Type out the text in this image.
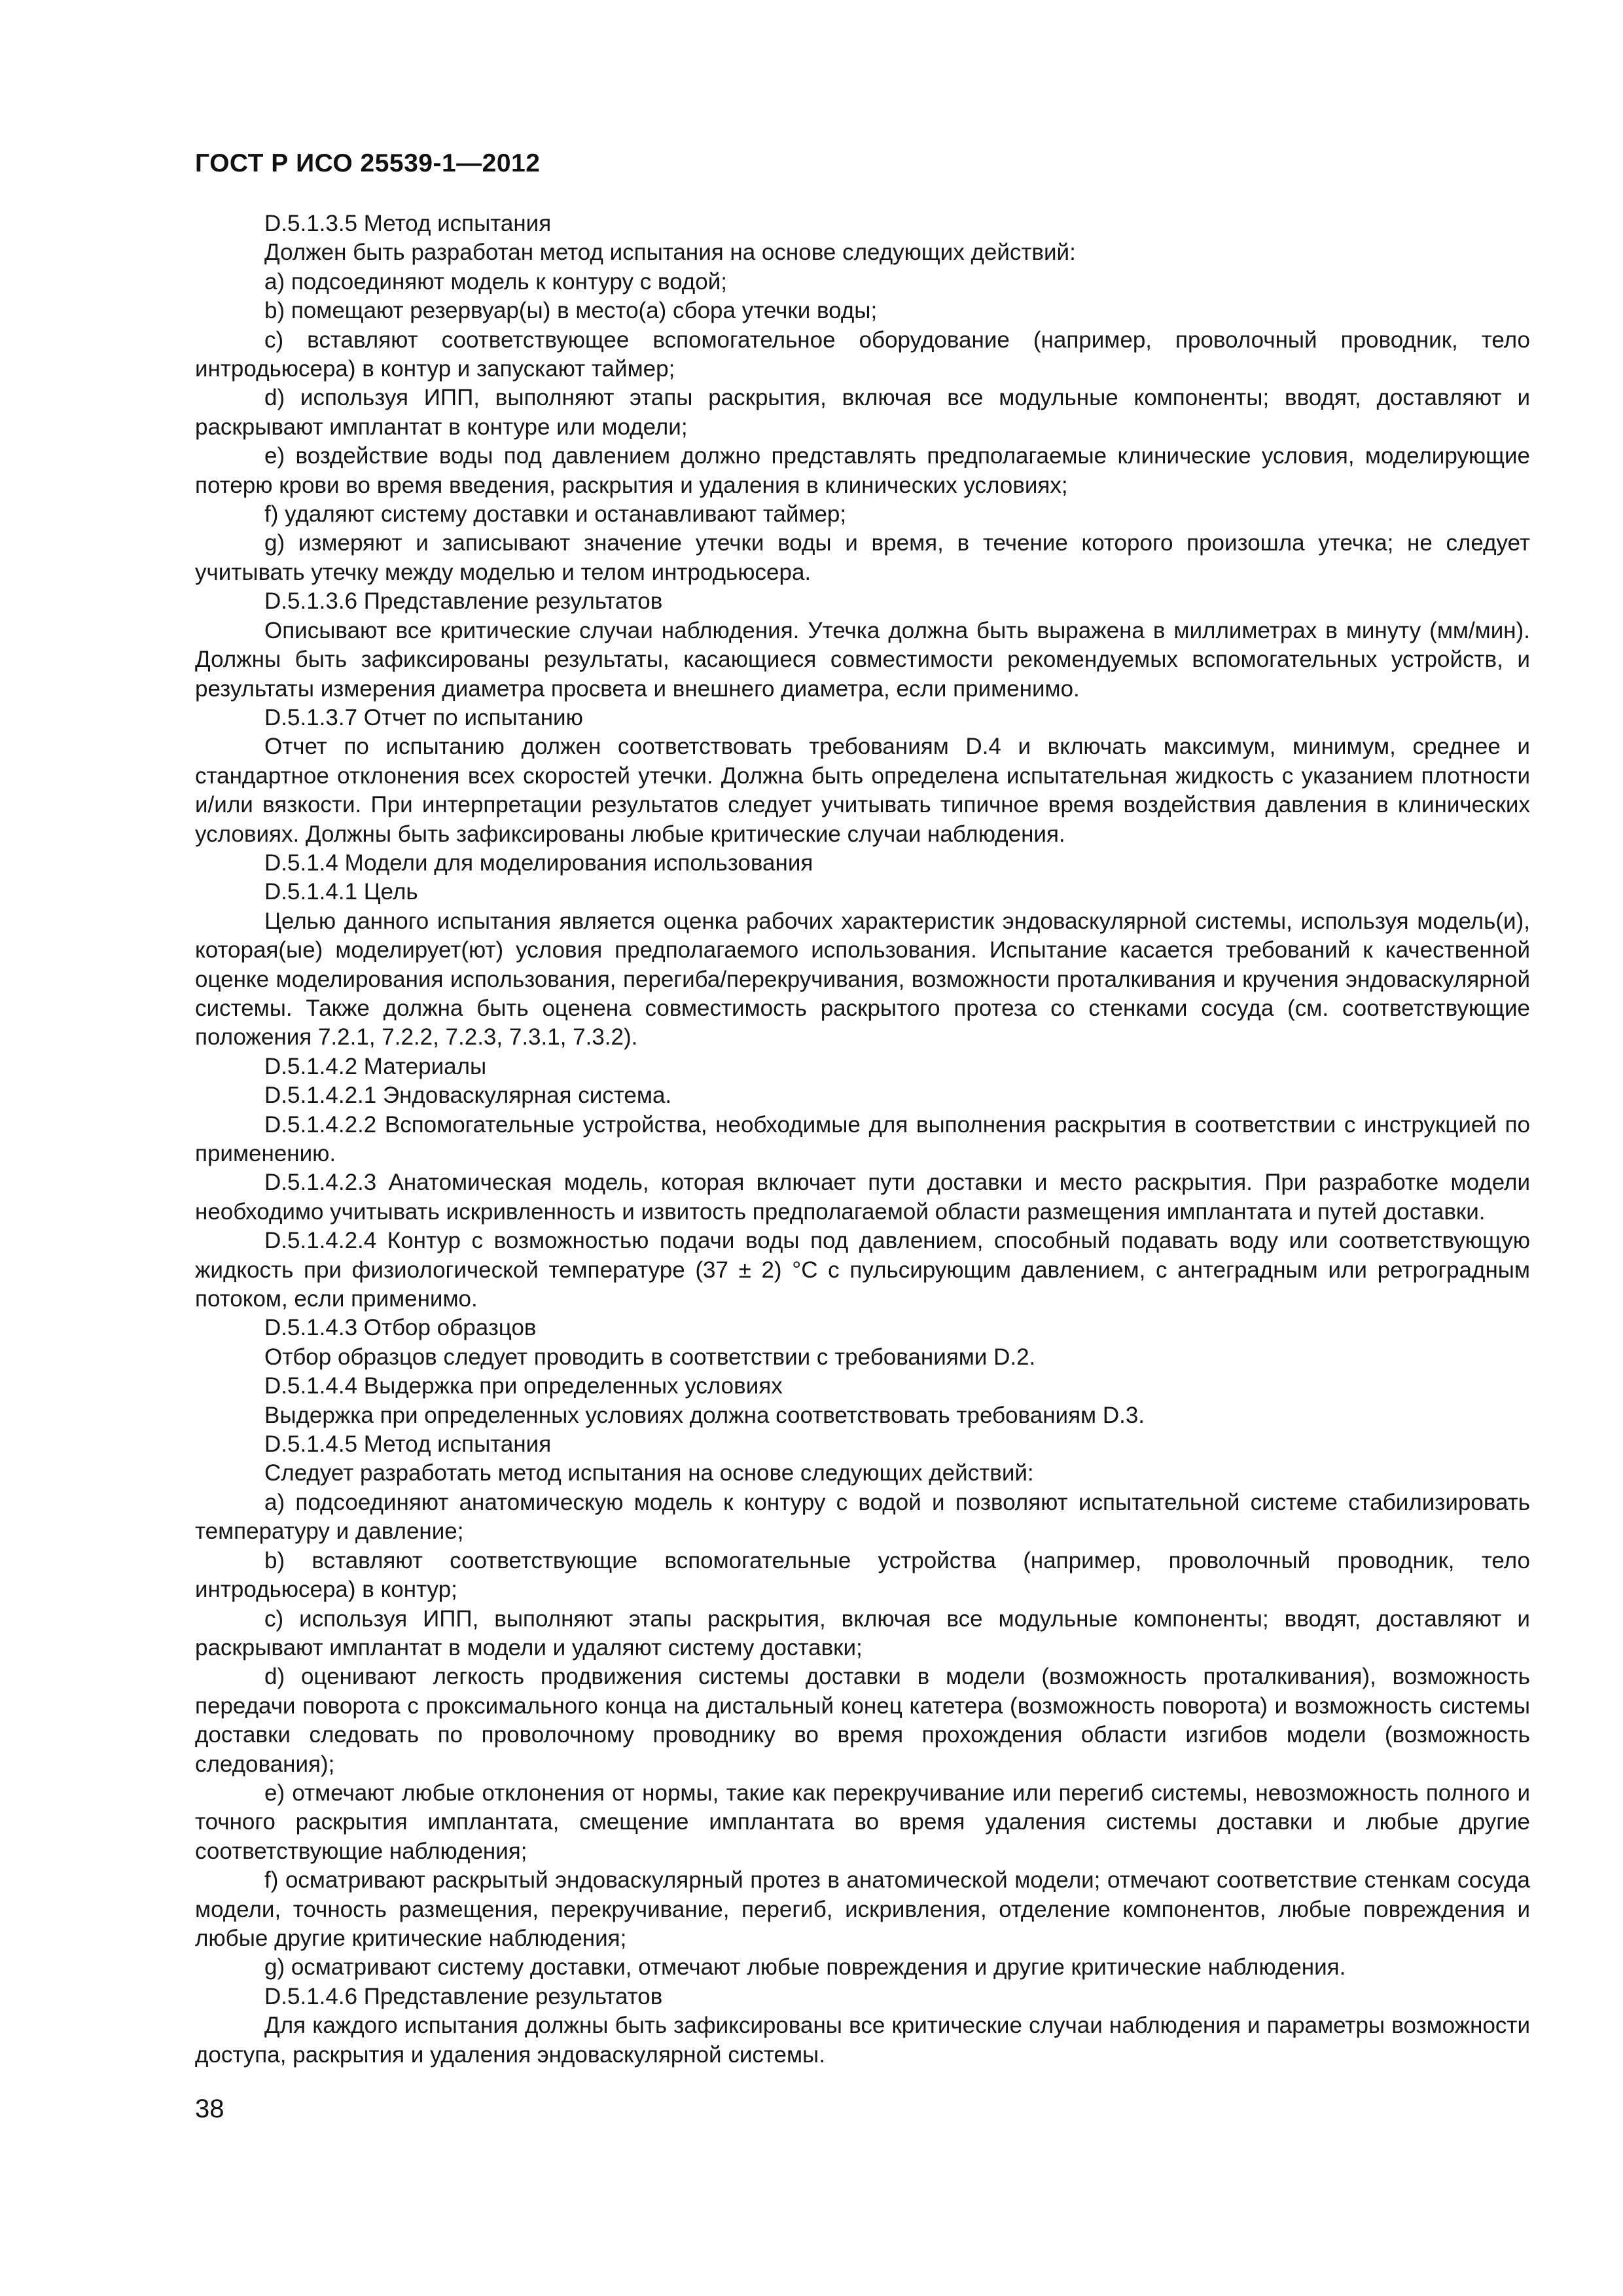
ГОСТ Р ИСО 25539-1—2012

D.5.1.3.5 Метод испытания

Должен быть разработан метод испытания на основе следующих действий:

а) подсоединяют модель к контуру с водой;

b) помещают резервуар(ы) в место(а) сбора утечки воды;

с) вставляют соответствующее вспомогательное оборудование (например, проволочный проводник, тело интродьюсера) в контур и запускают таймер;

d) используя ИПП, выполняют этапы раскрытия, включая все модульные компоненты; вводят, доставляют и раскрывают имплантат в контуре или модели;

е) воздействие воды под давлением должно представлять предполагаемые клинические условия, моделирующие потерю крови во время введения, раскрытия и удаления в клинических условиях;

f) удаляют систему доставки и останавливают таймер;

g) измеряют и записывают значение утечки воды и время, в течение которого произошла утечка; не следует учитывать утечку между моделью и телом интродьюсера.

D.5.1.3.6 Представление результатов

Описывают все критические случаи наблюдения. Утечка должна быть выражена в миллиметрах в минуту (мм/мин). Должны быть зафиксированы результаты, касающиеся совместимости рекомендуемых вспомогательных устройств, и результаты измерения диаметра просвета и внешнего диаметра, если применимо.

D.5.1.3.7 Отчет по испытанию

Отчет по испытанию должен соответствовать требованиям D.4 и включать максимум, минимум, среднее и стандартное отклонения всех скоростей утечки. Должна быть определена испытательная жидкость с указанием плотности и/или вязкости. При интерпретации результатов следует учитывать типичное время воздействия давления в клинических условиях. Должны быть зафиксированы любые критические случаи наблюдения.

D.5.1.4 Модели для моделирования использования

D.5.1.4.1 Цель

Целью данного испытания является оценка рабочих характеристик эндоваскулярной системы, используя модель(и), которая(ые) моделирует(ют) условия предполагаемого использования. Испытание касается требований к качественной оценке моделирования использования, перегиба/перекручивания, возможности проталкивания и кручения эндоваскулярной системы. Также должна быть оценена совместимость раскрытого протеза со стенками сосуда (см. соответствующие положения 7.2.1, 7.2.2, 7.2.3, 7.3.1, 7.3.2).

D.5.1.4.2 Материалы

D.5.1.4.2.1 Эндоваскулярная система.

D.5.1.4.2.2 Вспомогательные устройства, необходимые для выполнения раскрытия в соответствии с инструкцией по применению.

D.5.1.4.2.3 Анатомическая модель, которая включает пути доставки и место раскрытия. При разработке модели необходимо учитывать искривленность и извитость предполагаемой области размещения имплантата и путей доставки.

D.5.1.4.2.4 Контур с возможностью подачи воды под давлением, способный подавать воду или соответствующую жидкость при физиологической температуре (37 ± 2) °С с пульсирующим давлением, с антеградным или ретроградным потоком, если применимо.

D.5.1.4.3 Отбор образцов

Отбор образцов следует проводить в соответствии с требованиями D.2.

D.5.1.4.4 Выдержка при определенных условиях

Выдержка при определенных условиях должна соответствовать требованиям D.3.

D.5.1.4.5 Метод испытания

Следует разработать метод испытания на основе следующих действий:

а) подсоединяют анатомическую модель к контуру с водой и позволяют испытательной системе стабилизировать температуру и давление;

b) вставляют соответствующие вспомогательные устройства (например, проволочный проводник, тело интродьюсера) в контур;

с) используя ИПП, выполняют этапы раскрытия, включая все модульные компоненты; вводят, доставляют и раскрывают имплантат в модели и удаляют систему доставки;

d) оценивают легкость продвижения системы доставки в модели (возможность проталкивания), возможность передачи поворота с проксимального конца на дистальный конец катетера (возможность поворота) и возможность системы доставки следовать по проволочному проводнику во время прохождения области изгибов модели (возможность следования);

е) отмечают любые отклонения от нормы, такие как перекручивание или перегиб системы, невозможность полного и точного раскрытия имплантата, смещение имплантата во время удаления системы доставки и любые другие соответствующие наблюдения;

f) осматривают раскрытый эндоваскулярный протез в анатомической модели; отмечают соответствие стенкам сосуда модели, точность размещения, перекручивание, перегиб, искривления, отделение компонентов, любые повреждения и любые другие критические наблюдения;

g) осматривают систему доставки, отмечают любые повреждения и другие критические наблюдения.

D.5.1.4.6 Представление результатов

Для каждого испытания должны быть зафиксированы все критические случаи наблюдения и параметры возможности доступа, раскрытия и удаления эндоваскулярной системы.

38
